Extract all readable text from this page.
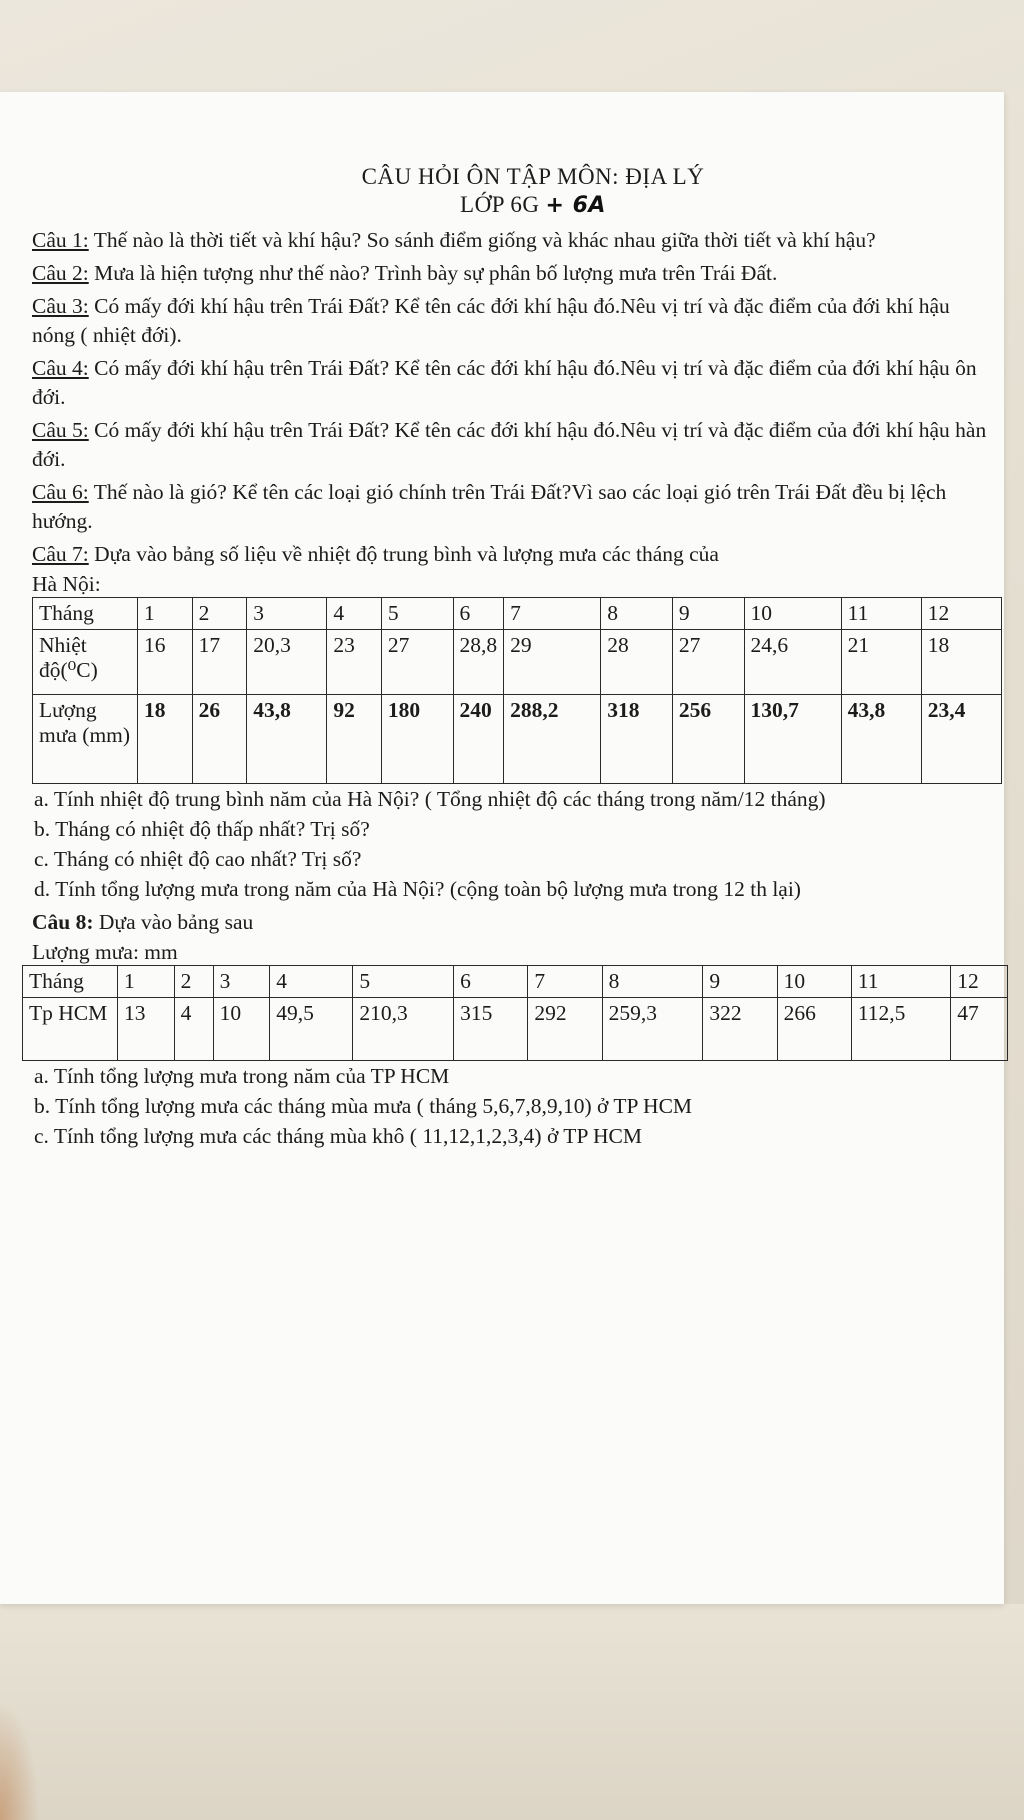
CÂU HỎI ÔN TẬP MÔN: ĐỊA LÝ
LỚP 6G + 6A
Câu 1: Thế nào là thời tiết và khí hậu? So sánh điểm giống và khác nhau giữa thời tiết và khí hậu?
Câu 2: Mưa là hiện tượng như thế nào? Trình bày sự phân bố lượng mưa trên Trái Đất.
Câu 3: Có mấy đới khí hậu trên Trái Đất? Kể tên các đới khí hậu đó.Nêu vị trí và đặc điểm của đới khí hậu nóng ( nhiệt đới).
Câu 4: Có mấy đới khí hậu trên Trái Đất? Kể tên các đới khí hậu đó.Nêu vị trí và đặc điểm của đới khí hậu ôn đới.
Câu 5: Có mấy đới khí hậu trên Trái Đất? Kể tên các đới khí hậu đó.Nêu vị trí và đặc điểm của đới khí hậu hàn đới.
Câu 6: Thế nào là gió? Kể tên các loại gió chính trên Trái Đất?Vì sao các loại gió trên Trái Đất đều bị lệch hướng.
Câu 7: Dựa vào bảng số liệu về nhiệt độ trung bình và lượng mưa các tháng của
Hà Nội:
Tháng	1	2	3	4	5	6	7	8	9	10	11	12
Nhiệt độ(⁰C)	16	17	20,3	23	27	28,8	29	28	27	24,6	21	18
Lượng mưa (mm)	18	26	43,8	92	180	240	288,2	318	256	130,7	43,8	23,4
a. Tính nhiệt độ trung bình năm của Hà Nội? ( Tổng nhiệt độ các tháng trong năm/12 tháng)
b. Tháng có nhiệt độ thấp nhất? Trị số?
c. Tháng có nhiệt độ cao nhất? Trị số?
d. Tính tổng lượng mưa trong năm của Hà Nội? (cộng toàn bộ lượng mưa trong 12 th lại)
Câu 8: Dựa vào bảng sau
Lượng mưa: mm
Tháng	1	2	3	4	5	6	7	8	9	10	11	12
Tp HCM	13	4	10	49,5	210,3	315	292	259,3	322	266	112,5	47
a. Tính tổng lượng mưa trong năm của TP HCM
b. Tính tổng lượng mưa các tháng mùa mưa ( tháng 5,6,7,8,9,10) ở TP HCM
c. Tính tổng lượng mưa các tháng mùa khô ( 11,12,1,2,3,4) ở TP HCM
